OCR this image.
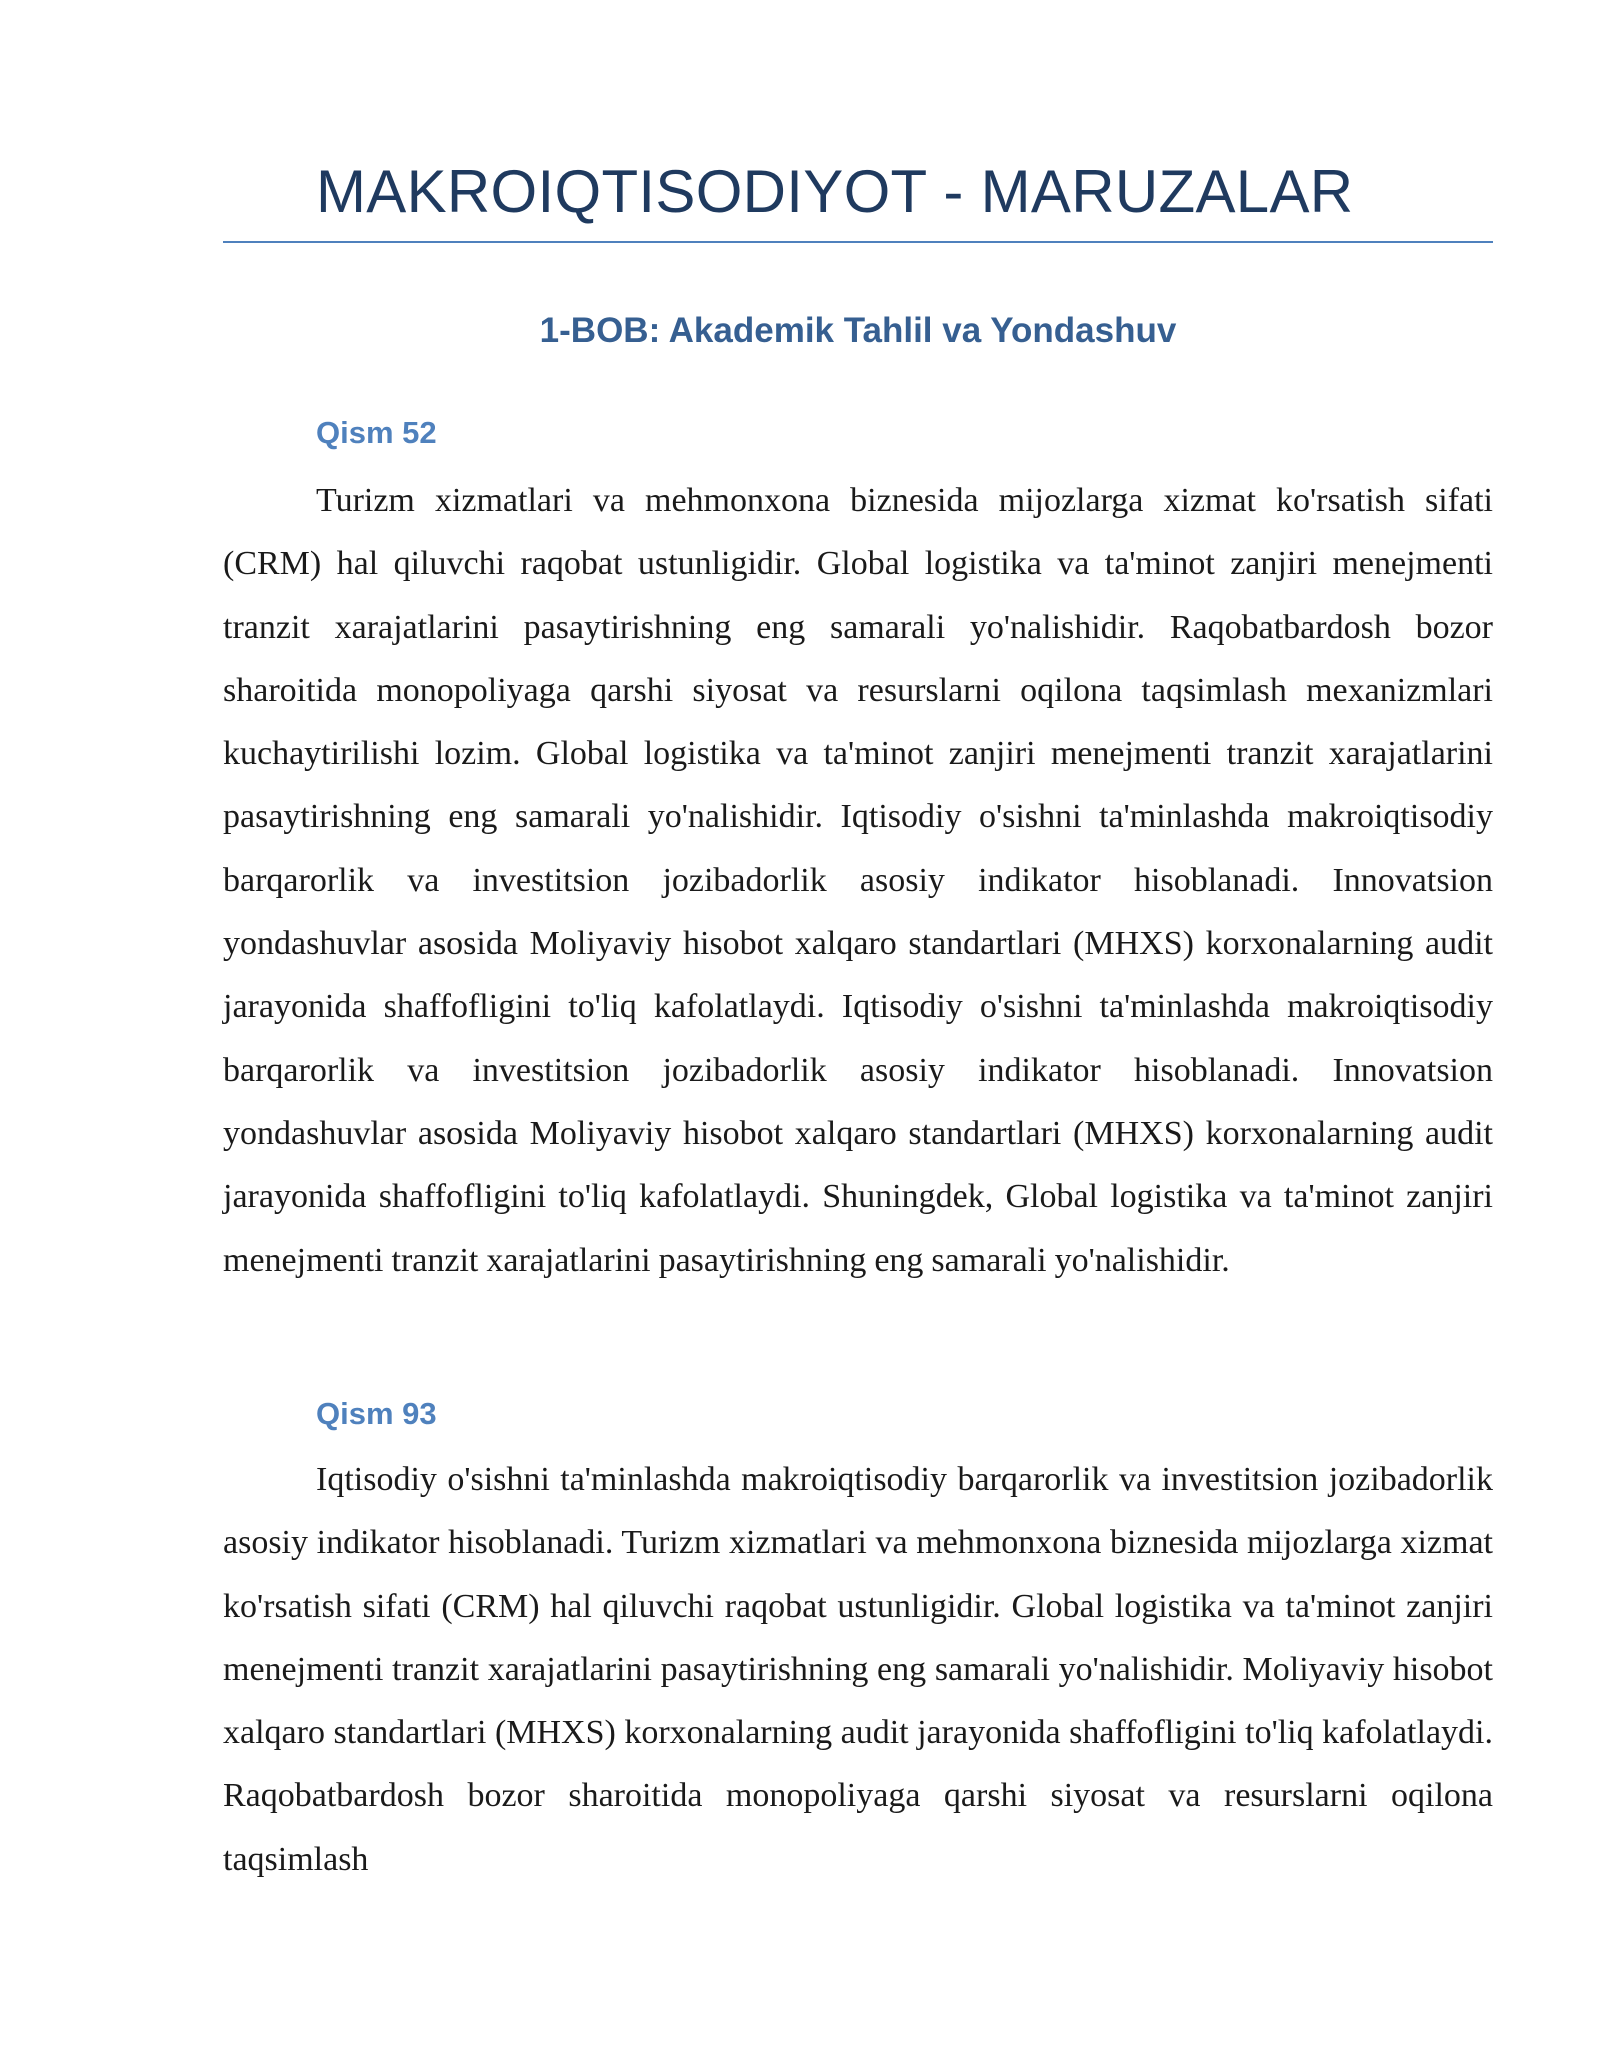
MAKROIQTISODIYOT - MARUZALAR
1-BOB: Akademik Tahlil va Yondashuv
Qism 52

Turizm xizmatlari va mehmonxona biznesida mijozlarga xizmat ko'rsatish sifati (CRM) hal qiluvchi raqobat ustunligidir. Global logistika va ta'minot zanjiri menejmenti tranzit xarajatlarini pasaytirishning eng samarali yo'nalishidir. Raqobatbardosh bozor sharoitida monopoliyaga qarshi siyosat va resurslarni oqilona taqsimlash mexanizmlari kuchaytirilishi lozim. Global logistika va ta'minot zanjiri menejmenti tranzit xarajatlarini pasaytirishning eng samarali yo'nalishidir. Iqtisodiy o'sishni ta'minlashda makroiqtisodiy barqarorlik va investitsion jozibadorlik asosiy indikator hisoblanadi. Innovatsion yondashuvlar asosida Moliyaviy hisobot xalqaro standartlari (MHXS) korxonalarning audit jarayonida shaffofligini to'liq kafolatlaydi. Iqtisodiy o'sishni ta'minlashda makroiqtisodiy barqarorlik va investitsion jozibadorlik asosiy indikator hisoblanadi. Innovatsion yondashuvlar asosida Moliyaviy hisobot xalqaro standartlari (MHXS) korxonalarning audit jarayonida shaffofligini to'liq kafolatlaydi. Shuningdek, Global logistika va ta'minot zanjiri menejmenti tranzit xarajatlarini pasaytirishning eng samarali yo'nalishidir.

Qism 93

Iqtisodiy o'sishni ta'minlashda makroiqtisodiy barqarorlik va investitsion jozibadorlik asosiy indikator hisoblanadi. Turizm xizmatlari va mehmonxona biznesida mijozlarga xizmat ko'rsatish sifati (CRM) hal qiluvchi raqobat ustunligidir. Global logistika va ta'minot zanjiri menejmenti tranzit xarajatlarini pasaytirishning eng samarali yo'nalishidir. Moliyaviy hisobot xalqaro standartlari (MHXS) korxonalarning audit jarayonida shaffofligini to'liq kafolatlaydi. Raqobatbardosh bozor sharoitida monopoliyaga qarshi siyosat va resurslarni oqilona taqsimlash
